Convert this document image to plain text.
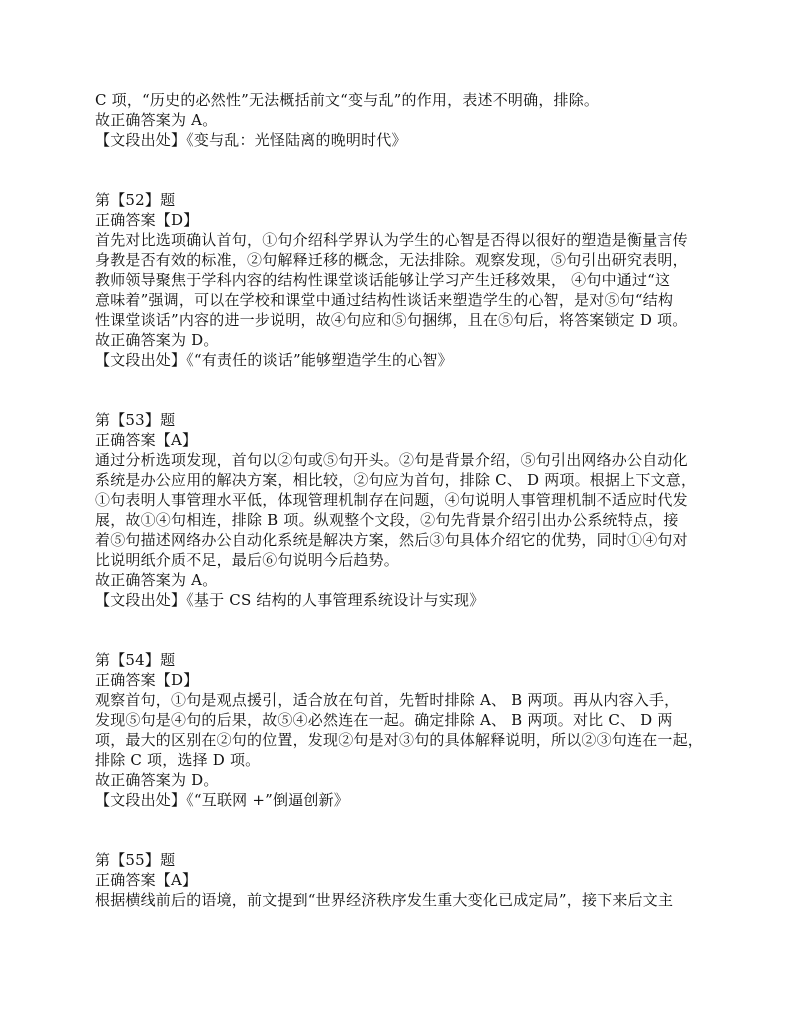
C 项，“历史的必然性”无法概括前文“变与乱”的作用，表述不明确，排除。
故正确答案为 A。
【文段出处】《变与乱：光怪陆离的晚明时代》
第【52】题
正确答案【D】
首先对比选项确认首句，①句介绍科学界认为学生的心智是否得以很好的塑造是衡量言传
身教是否有效的标准，②句解释迁移的概念，无法排除。观察发现，⑤句引出研究表明，
教师领导聚焦于学科内容的结构性课堂谈话能够让学习产生迁移效果， ④句中通过“这
意味着”强调，可以在学校和课堂中通过结构性谈话来塑造学生的心智，是对⑤句“结构
性课堂谈话”内容的进一步说明，故④句应和⑤句捆绑，且在⑤句后，将答案锁定 D 项。
故正确答案为 D。
【文段出处】《“有责任的谈话”能够塑造学生的心智》
第【53】题
正确答案【A】
通过分析选项发现，首句以②句或⑤句开头。②句是背景介绍，⑤句引出网络办公自动化
系统是办公应用的解决方案，相比较，②句应为首句，排除 C、 D 两项。根据上下文意，
①句表明人事管理水平低，体现管理机制存在问题，④句说明人事管理机制不适应时代发
展，故①④句相连，排除 B 项。纵观整个文段，②句先背景介绍引出办公系统特点，接
着⑤句描述网络办公自动化系统是解决方案，然后③句具体介绍它的优势，同时①④句对
比说明纸介质不足，最后⑥句说明今后趋势。
故正确答案为 A。
【文段出处】《基于 CS 结构的人事管理系统设计与实现》
第【54】题
正确答案【D】
观察首句，①句是观点援引，适合放在句首，先暂时排除 A、 B 两项。再从内容入手，
发现⑤句是④句的后果，故⑤④必然连在一起。确定排除 A、 B 两项。对比 C、 D 两
项，最大的区别在②句的位置，发现②句是对③句的具体解释说明，所以②③句连在一起，
排除 C 项，选择 D 项。
故正确答案为 D。
【文段出处】《“互联网 +”倒逼创新》
第【55】题
正确答案【A】
根据横线前后的语境，前文提到“世界经济秩序发生重大变化已成定局”，接下来后文主
